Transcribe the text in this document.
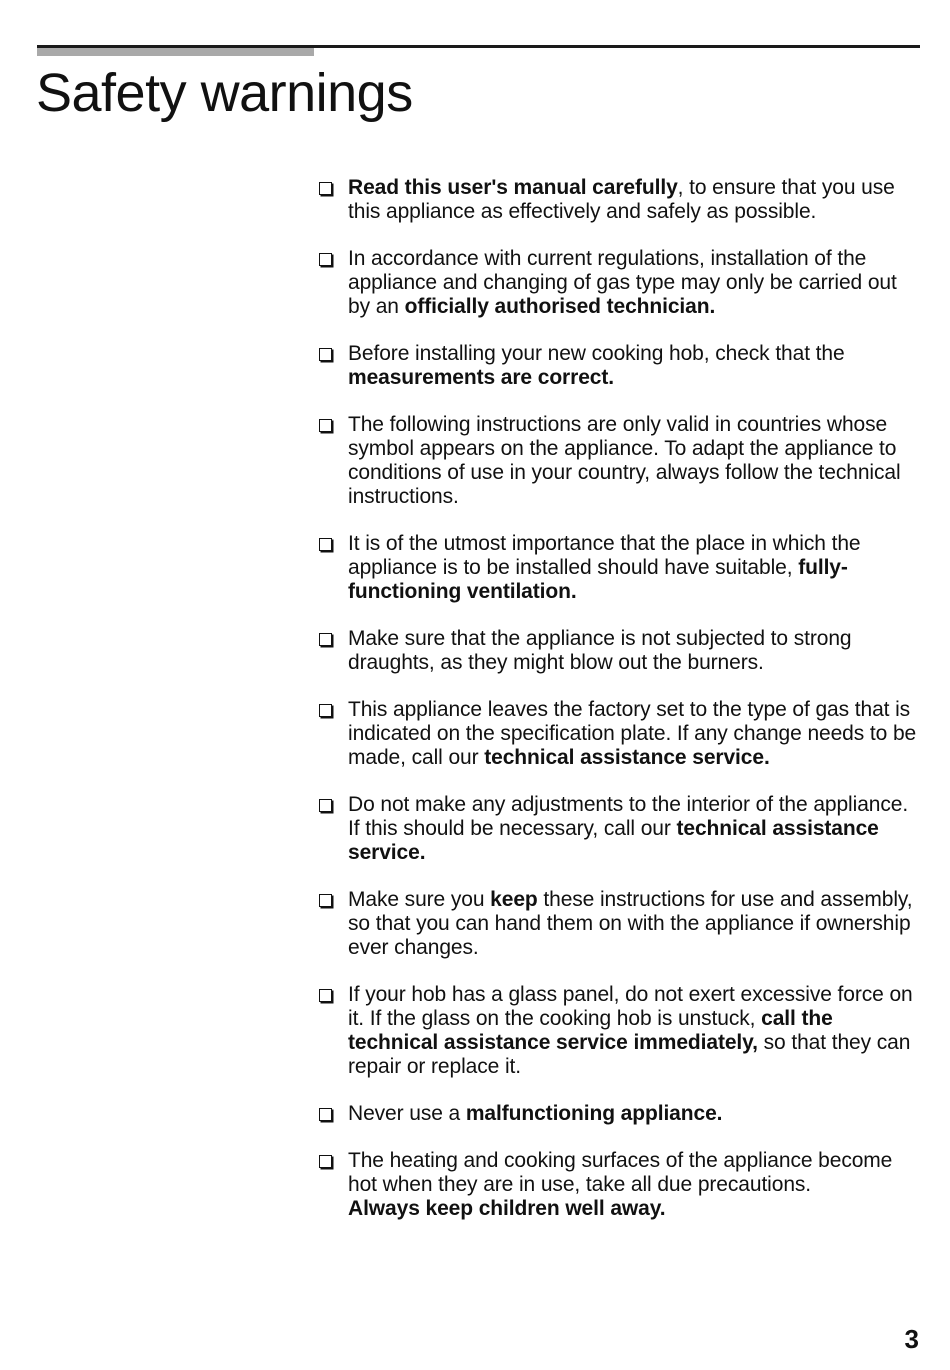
Safety warnings
Read this user's manual carefully, to ensure that you use this appliance as effectively and safely as possible.
In accordance with current regulations, installation of the appliance and changing of gas type may only be carried out by an officially authorised technician.
Before installing your new cooking hob, check that the measurements are correct.
The following instructions are only valid in countries whose symbol appears on the appliance. To adapt the appliance to conditions of use in your country, always follow the technical instructions.
It is of the utmost importance that the place in which the appliance is to be installed should have suitable, fully-functioning ventilation.
Make sure that the appliance is not subjected to strong draughts, as they might blow out the burners.
This appliance leaves the factory set to the type of gas that is indicated on the specification plate. If any change needs to be made, call our technical assistance service.
Do not make any adjustments to the interior of the appliance. If this should be necessary, call our technical assistance service.
Make sure you keep these instructions for use and assembly, so that you can hand them on with the appliance if ownership ever changes.
If your hob has a glass panel, do not exert excessive force on it. If the glass on the cooking hob is unstuck, call the technical assistance service immediately, so that they can repair or replace it.
Never use a malfunctioning appliance.
The heating and cooking surfaces of the appliance become hot when they are in use, take all due precautions.
Always keep children well away.
3
